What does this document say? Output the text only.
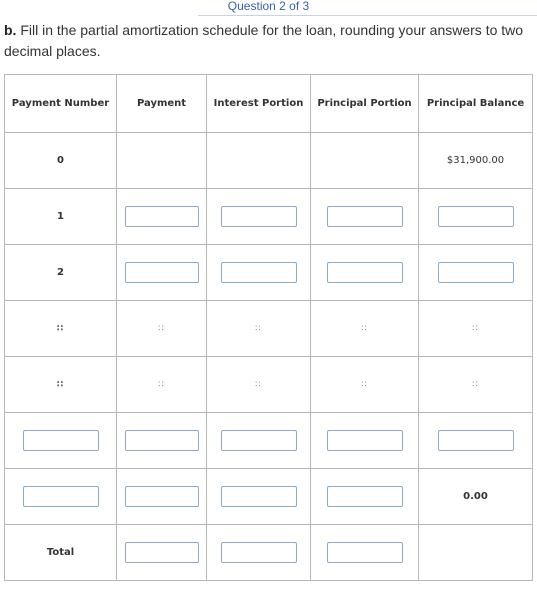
Question 2 of 3
b. Fill in the partial amortization schedule for the loan, rounding your answers to two decimal places.
Payment Number	Payment	Interest Portion	Principal Portion	Principal Balance
0				$31,900.00
1				
2				
∶∶	∶∶	∶∶	∶∶	∶∶
∶∶	∶∶	∶∶	∶∶	∶∶

				0.00
Total				
